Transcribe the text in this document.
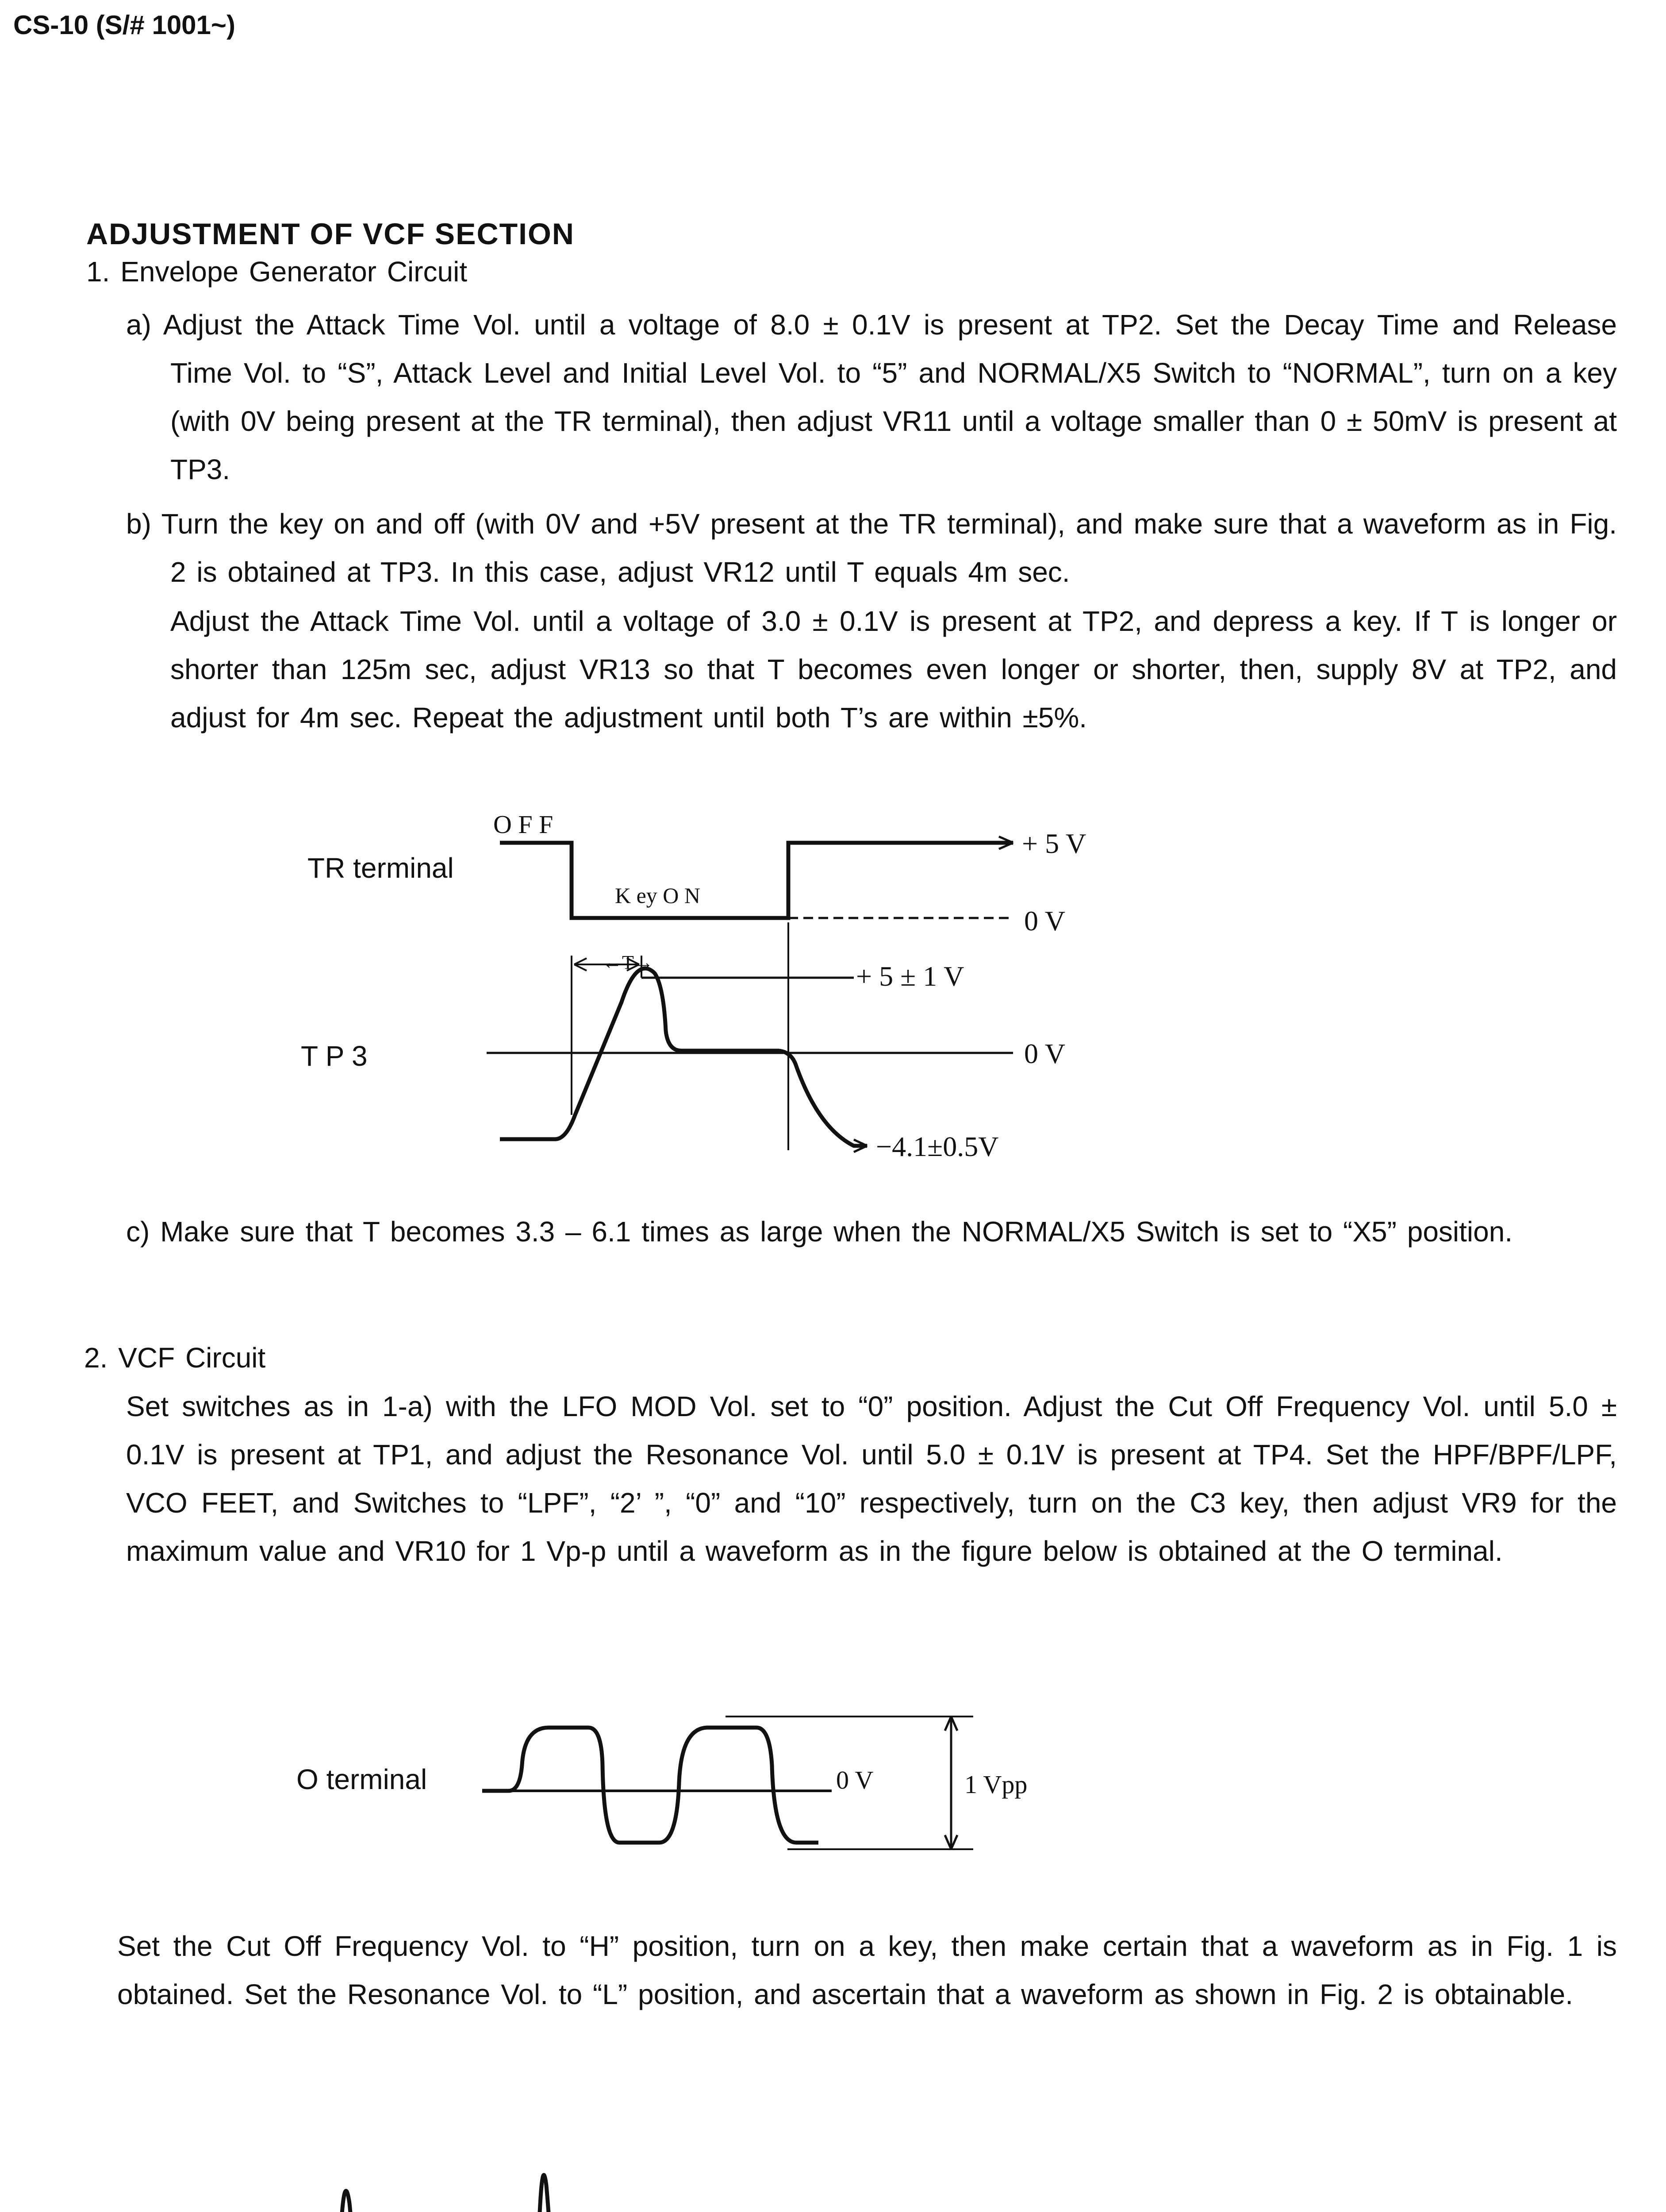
CS-10 (S/# 1001~)
ADJUSTMENT OF VCF SECTION
1. Envelope Generator Circuit
a) Adjust the Attack Time Vol. until a voltage of 8.0 ± 0.1V is present at TP2. Set the Decay Time and Release Time Vol. to “S”, Attack Level and Initial Level Vol. to “5” and NORMAL/X5 Switch to “NORMAL”, turn on a key (with 0V being present at the TR terminal), then adjust VR11 until a voltage smaller than 0 ± 50mV is present at TP3.
b) Turn the key on and off (with 0V and +5V present at the TR terminal), and make sure that a waveform as in Fig. 2 is obtained at TP3. In this case, adjust VR12 until T equals 4m sec.
Adjust the Attack Time Vol. until a voltage of 3.0 ± 0.1V is present at TP2, and depress a key. If T is longer or shorter than 125m sec, adjust VR13 so that T becomes even longer or shorter, then, supply 8V at TP2, and adjust for 4m sec. Repeat the adjustment until both T’s are within ±5%.
TR terminal
O F F
K ey O N
←T→
+ 5 V
0 V
+ 5 ± 1 V
T P 3	0 V
−4.1±0.5V
c) Make sure that T becomes 3.3 – 6.1 times as large when the NORMAL/X5 Switch is set to “X5” position.
2. VCF Circuit
Set switches as in 1-a) with the LFO MOD Vol. set to “0” position. Adjust the Cut Off Frequency Vol. until 5.0 ± 0.1V is present at TP1, and adjust the Resonance Vol. until 5.0 ± 0.1V is present at TP4. Set the HPF/BPF/LPF, VCO FEET, and Switches to “LPF”, “2’ ”, “0” and “10” respectively, turn on the C3 key, then adjust VR9 for the maximum value and VR10 for 1 Vp-p until a waveform as in the figure below is obtained at the O terminal.
O terminal	0 V	1 Vpp
Set the Cut Off Frequency Vol. to “H” position, turn on a key, then make certain that a waveform as in Fig. 1 is obtained. Set the Resonance Vol. to “L” position, and ascertain that a waveform as shown in Fig. 2 is obtainable.
